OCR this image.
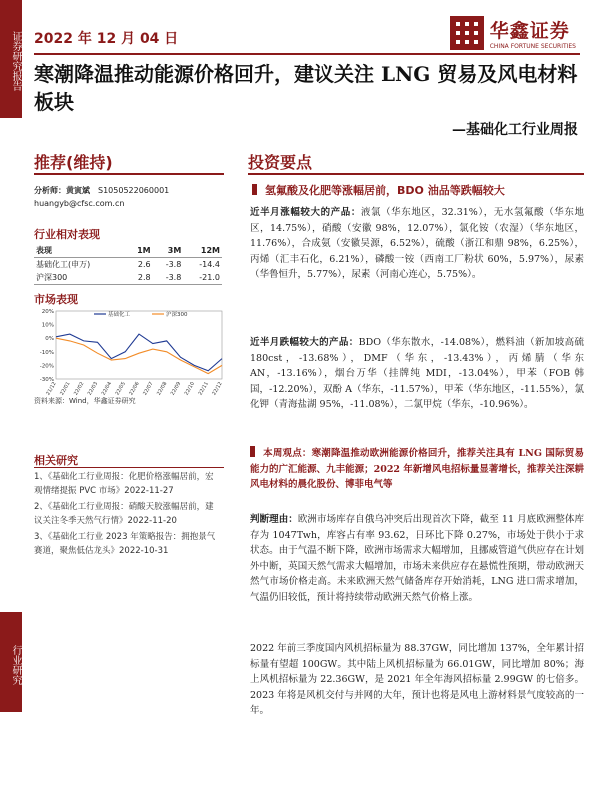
证券研究报告
行业研究
2022 年 12 月 04 日	华鑫证券
CHINA FORTUNE SECURITIES
寒潮降温推动能源价格回升，建议关注 LNG 贸易及风电材料板块
—基础化工行业周报
推荐(维持)	投资要点
分析师：黄寅斌 S1050522060001
huangyb@cfsc.com.cn
行业相对表现
表现	1M	3M	12M
基础化工(申万)	2.6	-3.8	-14.4
沪深300	2.8	-3.8	-21.0
市场表现
20%
10%
0%
-10%
-20%
-30%
21/12 22/01 22/02 22/03 22/04 22/05 22/06 22/07 22/08 22/09 22/10 22/11 22/12
基础化工	沪深300
资料来源：Wind，华鑫证券研究
相关研究
1、《基础化工行业周报：化肥价格涨幅居前，宏观情绪提振 PVC 市场》2022-11-27
2、《基础化工行业周报：硝酸天胶涨幅居前，建议关注冬季天然气行情》2022-11-20
3、《基础化工行业 2023 年策略报告：拥抱景气赛道，聚焦低估龙头》2022-10-31
氢氟酸及化肥等涨幅居前，BDO 油品等跌幅较大
近半月涨幅较大的产品：液氯（华东地区，32.31%），无水氢氟酸（华东地区，14.75%），硝酸（安徽 98%，12.07%），氯化铵（农湿）（华东地区，11.76%），合成氨（安徽吴源，6.52%），硫酸（浙江和鼎 98%，6.25%），丙烯（汇丰石化，6.21%），磷酸一铵（西南工厂粉状 60%，5.97%），尿素（华鲁恒升，5.77%），尿素（河南心连心，5.75%）。
近半月跌幅较大的产品：BDO（华东散水，-14.08%），燃料油（新加坡高硫 180cst，-13.68%），DMF（华东，-13.43%），丙烯腈（华东 AN，-13.16%），烟台万华（挂牌纯 MDI，-13.04%），甲苯（FOB 韩国，-12.20%），双酚 A（华东，-11.57%），甲苯（华东地区，-11.55%），氯化钾（青海盐湖 95%，-11.08%），二氯甲烷（华东，-10.96%）。
本周观点：寒潮降温推动欧洲能源价格回升，推荐关注具有 LNG 国际贸易能力的广汇能源、九丰能源；2022 年新增风电招标量显著增长，推荐关注深耕风电材料的晨化股份、博菲电气等
判断理由：欧洲市场库存自俄乌冲突后出现首次下降，截至 11 月底欧洲整体库存为 1047Twh，库容占有率 93.62，日环比下降 0.27%，市场处于供小于求状态。由于气温不断下降，欧洲市场需求大幅增加，且挪威管道气供应存在计划外中断，英国天然气需求大幅增加，市场未来供应存在悬慌性预期，带动欧洲天然气市场价格走高。未来欧洲天然气储备库存开始消耗，LNG 进口需求增加，气温仍旧较低，预计将持续带动欧洲天然气价格上涨。
2022 年前三季度国内风机招标量为 88.37GW，同比增加 137%，全年累计招标量有望超 100GW。其中陆上风机招标量为 66.01GW，同比增加 80%；海上风机招标量为 22.36GW，是 2021 年全年海风招标量 2.99GW 的七倍多。2023 年将是风机交付与并网的大年，预计也将是风电上游材料景气度较高的一年。
